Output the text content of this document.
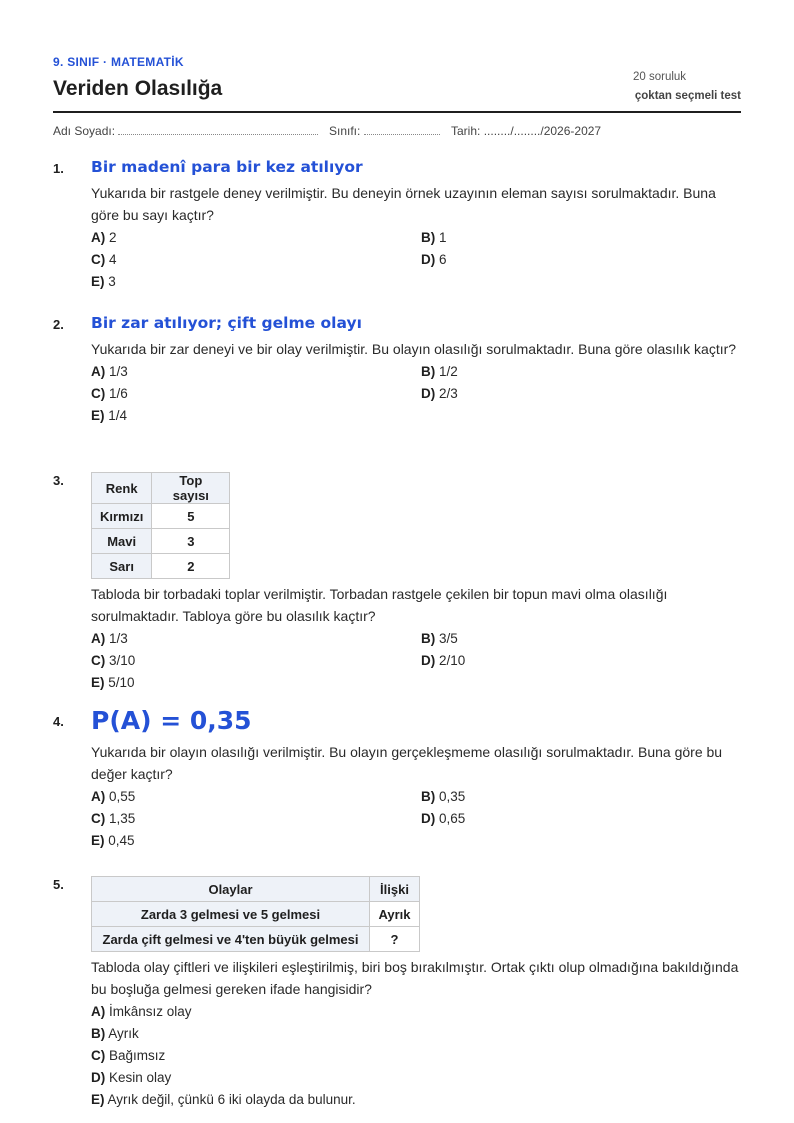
9. SINIF · MATEMATİK
Veriden Olasılığa	20 soruluk
çoktan seçmeli test
Adı Soyadı:	Sınıfı:	Tarih: ......../......../2026-2027
1. Bir madenî para bir kez atılıyor
Yukarıda bir rastgele deney verilmiştir. Bu deneyin örnek uzayının eleman sayısı sorulmaktadır. Buna göre bu sayı kaçtır?
A) 2	B) 1
C) 4	D) 6
E) 3
2. Bir zar atılıyor; çift gelme olayı
Yukarıda bir zar deneyi ve bir olay verilmiştir. Bu olayın olasılığı sorulmaktadır. Buna göre olasılık kaçtır?
A) 1/3	B) 1/2
C) 1/6	D) 2/3
E) 1/4
3.	Renk	Top sayısı
Kırmızı	5
Mavi	3
Sarı	2
Tabloda bir torbadaki toplar verilmiştir. Torbadan rastgele çekilen bir topun mavi olma olasılığı sorulmaktadır. Tabloya göre bu olasılık kaçtır?
A) 1/3	B) 3/5
C) 3/10	D) 2/10
E) 5/10
4. P(A) = 0,35
Yukarıda bir olayın olasılığı verilmiştir. Bu olayın gerçekleşmeme olasılığı sorulmaktadır. Buna göre bu değer kaçtır?
A) 0,55	B) 0,35
C) 1,35	D) 0,65
E) 0,45
5.	Olaylar	İlişki
Zarda 3 gelmesi ve 5 gelmesi	Ayrık
Zarda çift gelmesi ve 4'ten büyük gelmesi	?
Tabloda olay çiftleri ve ilişkileri eşleştirilmiş, biri boş bırakılmıştır. Ortak çıktı olup olmadığına bakıldığında bu boşluğa gelmesi gereken ifade hangisidir?
A) İmkânsız olay
B) Ayrık
C) Bağımsız
D) Kesin olay
E) Ayrık değil, çünkü 6 iki olayda da bulunur.
